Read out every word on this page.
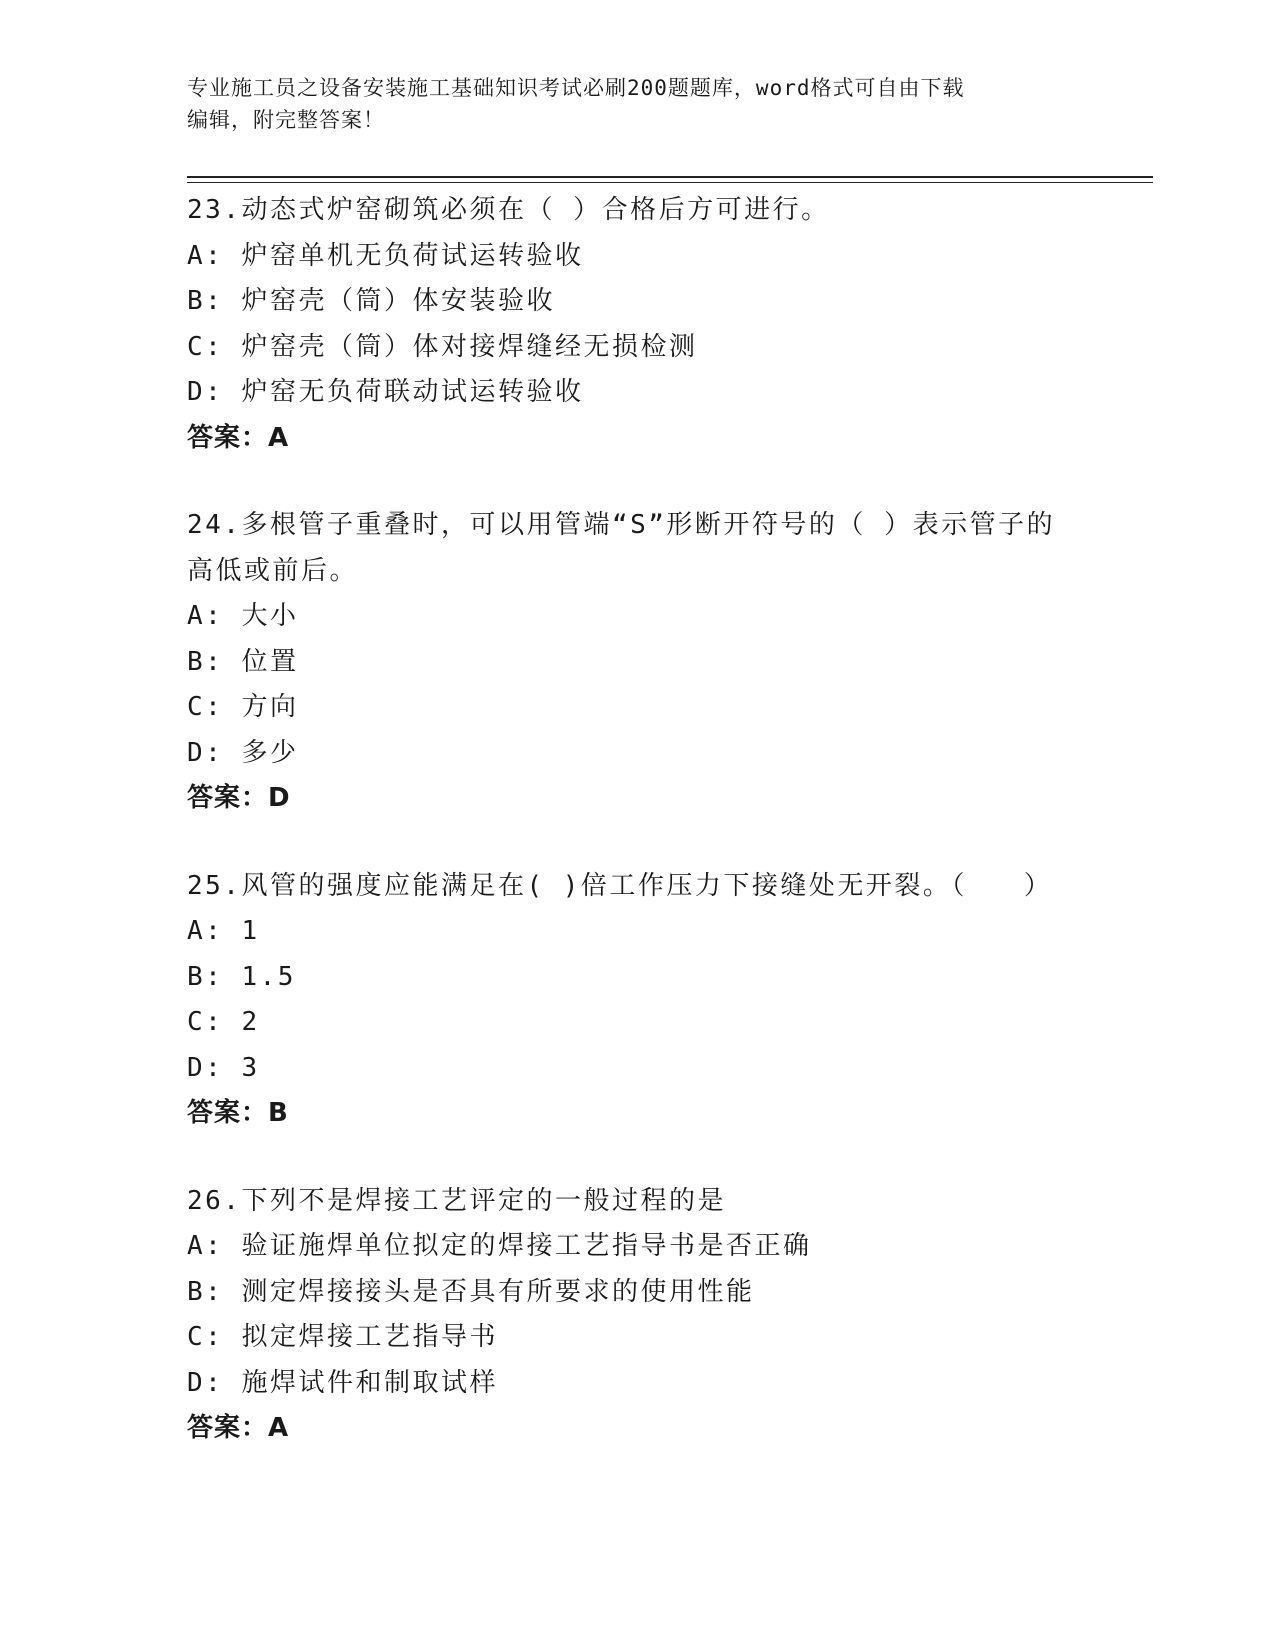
专业施工员之设备安装施工基础知识考试必刷200题题库，word格式可自由下载
编辑，附完整答案！
23.动态式炉窑砌筑必须在（ ）合格后方可进行。
A: 炉窑单机无负荷试运转验收
B: 炉窑壳（筒）体安装验收
C: 炉窑壳（筒）体对接焊缝经无损检测
D: 炉窑无负荷联动试运转验收
答案：A
24.多根管子重叠时，可以用管端“S”形断开符号的（ ）表示管子的
高低或前后。
A: 大小
B: 位置
C: 方向
D: 多少
答案：D
25.风管的强度应能满足在( )倍工作压力下接缝处无开裂。（　　）
A: 1
B: 1.5
C: 2
D: 3
答案：B
26.下列不是焊接工艺评定的一般过程的是
A: 验证施焊单位拟定的焊接工艺指导书是否正确
B: 测定焊接接头是否具有所要求的使用性能
C: 拟定焊接工艺指导书
D: 施焊试件和制取试样
答案：A
